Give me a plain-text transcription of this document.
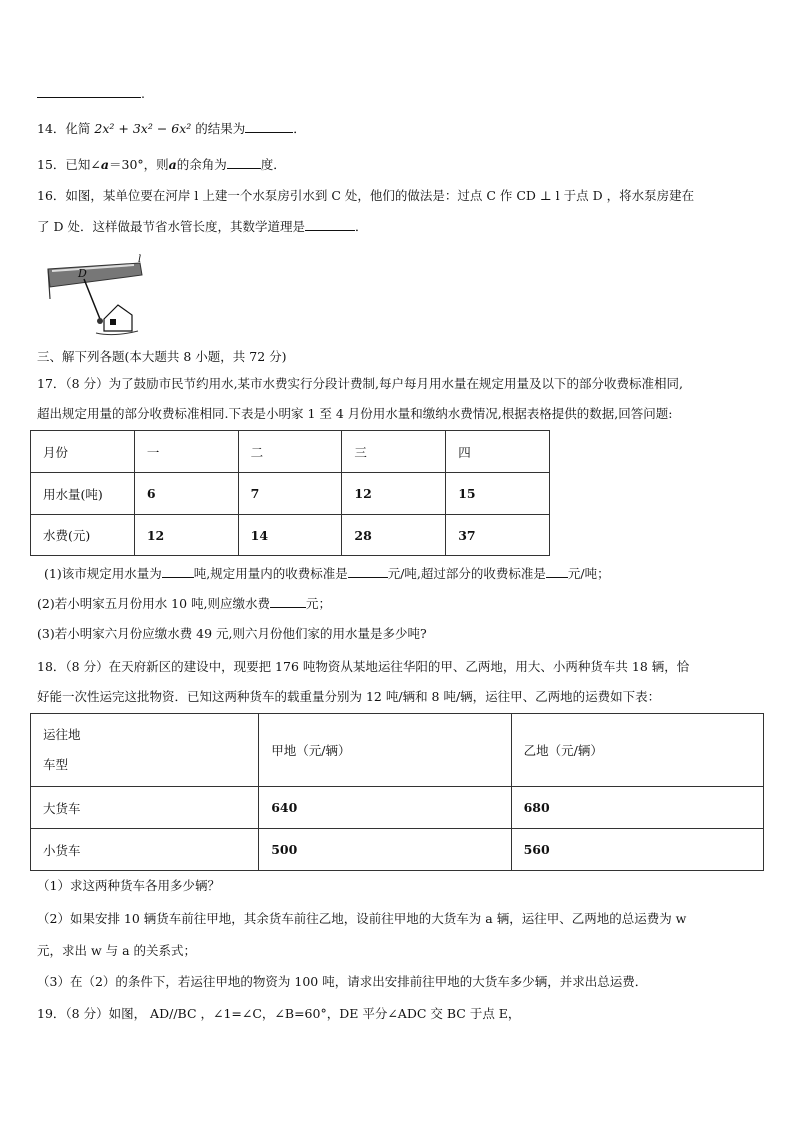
.
14．化简 2x² + 3x² − 6x² 的结果为	．
15．已知∠a＝30°，则a的余角为	度．
16．如图，某单位要在河岸 l 上建一个水泵房引水到 C 处，他们的做法是：过点 C 作 CD ⊥ l 于点 D ，将水泵房建在
了 D 处．这样做最节省水管长度，其数学道理是	．
D
l
三、解下列各题(本大题共 8 小题，共 72 分)
17．（8 分）为了鼓励市民节约用水,某市水费实行分段计费制,每户每月用水量在规定用量及以下的部分收费标准相同,
超出规定用量的部分收费标准相同.下表是小明家 1 至 4 月份用水量和缴纳水费情况,根据表格提供的数据,回答问题:
月份	一	二	三	四
用水量(吨)	6	7	12	15
水费(元)	12	14	28	37
(1)该市规定用水量为	吨,规定用量内的收费标准是	元/吨,超过部分的收费标准是 元/吨；
(2)若小明家五月份用水 10 吨,则应缴水费	元；
(3)若小明家六月份应缴水费 49 元,则六月份他们家的用水量是多少吨?
18．（8 分）在天府新区的建设中，现要把 176 吨物资从某地运往华阳的甲、乙两地，用大、小两种货车共 18 辆，恰
好能一次性运完这批物资．已知这两种货车的载重量分别为 12 吨/辆和 8 吨/辆，运往甲、乙两地的运费如下表：
运往地
车型	甲地（元/辆）	乙地（元/辆）
大货车	640	680
小货车	500	560
（1）求这两种货车各用多少辆？
（2）如果安排 10 辆货车前往甲地，其余货车前往乙地，设前往甲地的大货车为 a 辆，运往甲、乙两地的总运费为 w
元，求出 w 与 a 的关系式；
（3）在（2）的条件下，若运往甲地的物资为 100 吨，请求出安排前往甲地的大货车多少辆，并求出总运费．
19．（8 分）如图， AD//BC ，∠1=∠C，∠B=60°，DE 平分∠ADC 交 BC 于点 E，
